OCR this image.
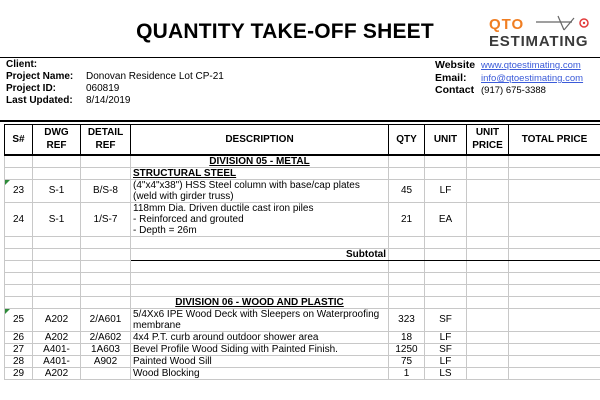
QUANTITY TAKE-OFF SHEET	QTO
ESTIMATING
Client:
Project Name: Donovan Residence Lot CP-21
Project ID:	060819
Last Updated: 8/14/2019
Website www.qtoestimating.com
Email: info@qtoestimating.com
Contact (917) 675-3388
S#	DWG REF	DETAIL REF	DESCRIPTION	QTY	UNIT	UNIT PRICE	TOTAL PRICE
			DIVISION 05 - METAL				
			STRUCTURAL STEEL				
23	S-1	B/S-8	(4"x4"x38") HSS Steel column with base/cap plates
(weld with girder truss)	45	LF		
24	S-1	1/S-7	118mm Dia. Driven ductile cast iron piles
- Reinforced and grouted
- Depth = 26m	21	EA		

			Subtotal				

			DIVISION 06 - WOOD AND PLASTIC				
25	A202	2/A601	5/4Xx6 IPE Wood Deck with Sleepers on Waterproofing
membrane	323	SF		
26	A202	2/A602	4x4 P.T. curb around outdoor shower area	18	LF		
27	A401-	1A603	Bevel Profile Wood Siding with Painted Finish.	1250	SF		
28	A401-	A902	Painted Wood Sill	75	LF		
29	A202		Wood Blocking	1	LS		
